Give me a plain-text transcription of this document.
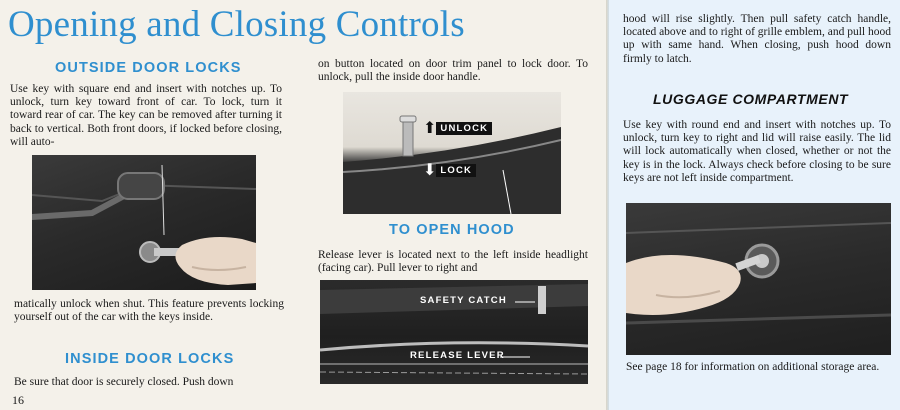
Opening and Closing Controls
OUTSIDE DOOR LOCKS
Use key with square end and insert with notches up. To unlock, turn key toward front of car. To lock, turn it toward rear of car. The key can be removed after turning it back to vertical. Both front doors, if locked before closing, will auto-
matically unlock when shut. This feature prevents locking yourself out of the car with the keys inside.
INSIDE DOOR LOCKS
Be sure that door is securely closed. Push down
16
on button located on door trim panel to lock door. To unlock, pull the inside door handle.
⬆ UNLOCK
⬇ LOCK
TO OPEN HOOD
Release lever is located next to the left inside headlight (facing car). Pull lever to right and
SAFETY CATCH
RELEASE LEVER
hood will rise slightly. Then pull safety catch handle, located above and to right of grille emblem, and pull hood up with same hand. When closing, push hood down firmly to latch.
LUGGAGE COMPARTMENT
Use key with round end and insert with notches up. To unlock, turn key to right and lid will raise easily. The lid will lock automatically when closed, whether or not the key is in the lock. Always check before closing to be sure keys are not left inside compartment.
See page 18 for information on additional storage area.
